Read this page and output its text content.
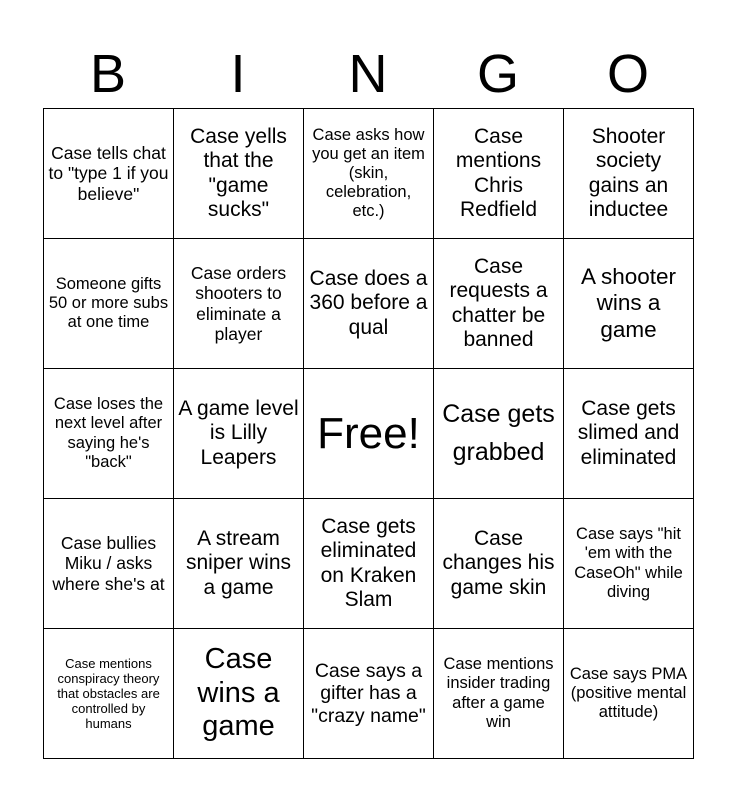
B	I	N	G	O
Case tells chat to "type 1 if you believe"	Case yells that the "game sucks"	Case asks how you get an item (skin, celebration, etc.)	Case mentions Chris Redfield	Shooter society gains an inductee
Someone gifts 50 or more subs at one time	Case orders shooters to eliminate a player	Case does a 360 before a qual	Case requests a chatter be banned	A shooter wins a game
Case loses the next level after saying he's "back"	A game level is Lilly Leapers	Free!	Case gets grabbed	Case gets slimed and eliminated
Case bullies Miku / asks where she's at	A stream sniper wins a game	Case gets eliminated on Kraken Slam	Case changes his game skin	Case says "hit 'em with the CaseOh" while diving
Case mentions conspiracy theory that obstacles are controlled by humans	Case wins a game	Case says a gifter has a "crazy name"	Case mentions insider trading after a game win	Case says PMA (positive mental attitude)
